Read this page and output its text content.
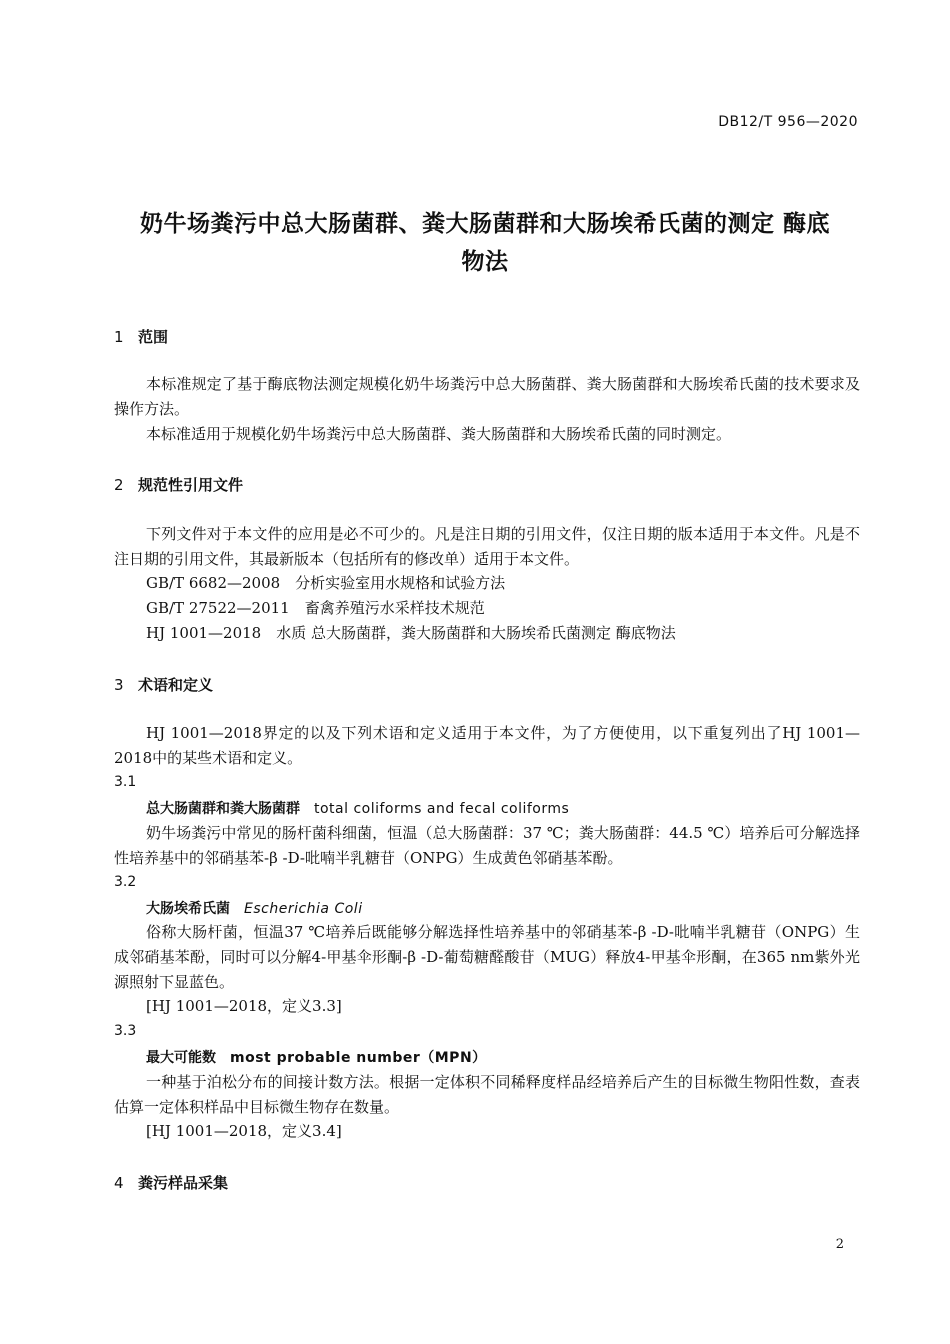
DB12/T 956—2020
奶牛场粪污中总大肠菌群、粪大肠菌群和大肠埃希氏菌的测定 酶底
物法
1 范围
本标准规定了基于酶底物法测定规模化奶牛场粪污中总大肠菌群、粪大肠菌群和大肠埃希氏菌的技术要求及操作方法。
本标准适用于规模化奶牛场粪污中总大肠菌群、粪大肠菌群和大肠埃希氏菌的同时测定。
2 规范性引用文件
下列文件对于本文件的应用是必不可少的。凡是注日期的引用文件，仅注日期的版本适用于本文件。凡是不注日期的引用文件，其最新版本（包括所有的修改单）适用于本文件。
GB/T 6682—2008　分析实验室用水规格和试验方法
GB/T 27522—2011　畜禽养殖污水采样技术规范
HJ 1001—2018　水质 总大肠菌群，粪大肠菌群和大肠埃希氏菌测定 酶底物法
3 术语和定义
HJ 1001—2018界定的以及下列术语和定义适用于本文件，为了方便使用，以下重复列出了HJ 1001—2018中的某些术语和定义。
3.1
总大肠菌群和粪大肠菌群 total coliforms and fecal coliforms
奶牛场粪污中常见的肠杆菌科细菌，恒温（总大肠菌群：37 ℃；粪大肠菌群：44.5 ℃）培养后可分解选择性培养基中的邻硝基苯-β -D-吡喃半乳糖苷（ONPG）生成黄色邻硝基苯酚。
3.2
大肠埃希氏菌 Escherichia Coli
俗称大肠杆菌，恒温37 ℃培养后既能够分解选择性培养基中的邻硝基苯-β -D-吡喃半乳糖苷（ONPG）生成邻硝基苯酚，同时可以分解4-甲基伞形酮-β -D-葡萄糖醛酸苷（MUG）释放4-甲基伞形酮，在365 nm紫外光源照射下显蓝色。
[HJ 1001—2018，定义3.3]
3.3
最大可能数 most probable number（MPN）
一种基于泊松分布的间接计数方法。根据一定体积不同稀释度样品经培养后产生的目标微生物阳性数，查表估算一定体积样品中目标微生物存在数量。
[HJ 1001—2018，定义3.4]
4 粪污样品采集
2
